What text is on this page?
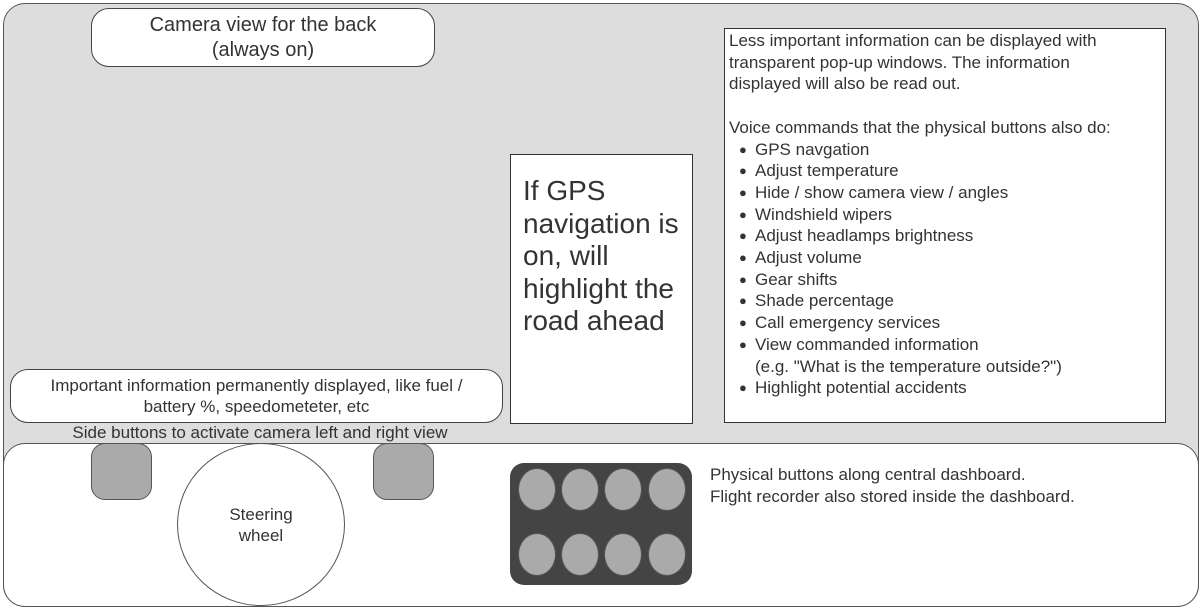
Camera view for the back
(always on)
If GPS navigation is on, will highlight the road ahead

Less important information can be displayed with

transparent pop-up windows. The information

displayed will also be read out.

Voice commands that the physical buttons also do:

● GPS navgation
● Adjust temperature
● Hide / show camera view / angles
● Windshield wipers
● Adjust headlamps brightness
● Adjust volume
● Gear shifts
● Shade percentage
● Call emergency services
● View commanded information
(e.g. "What is the temperature outside?")
● Highlight potential accidents
Important information permanently displayed, like fuel / battery %, speedometeter, etc
Side buttons to activate camera left and right view
Steering wheel

Physical buttons along central dashboard.

Flight recorder also stored inside the dashboard.
